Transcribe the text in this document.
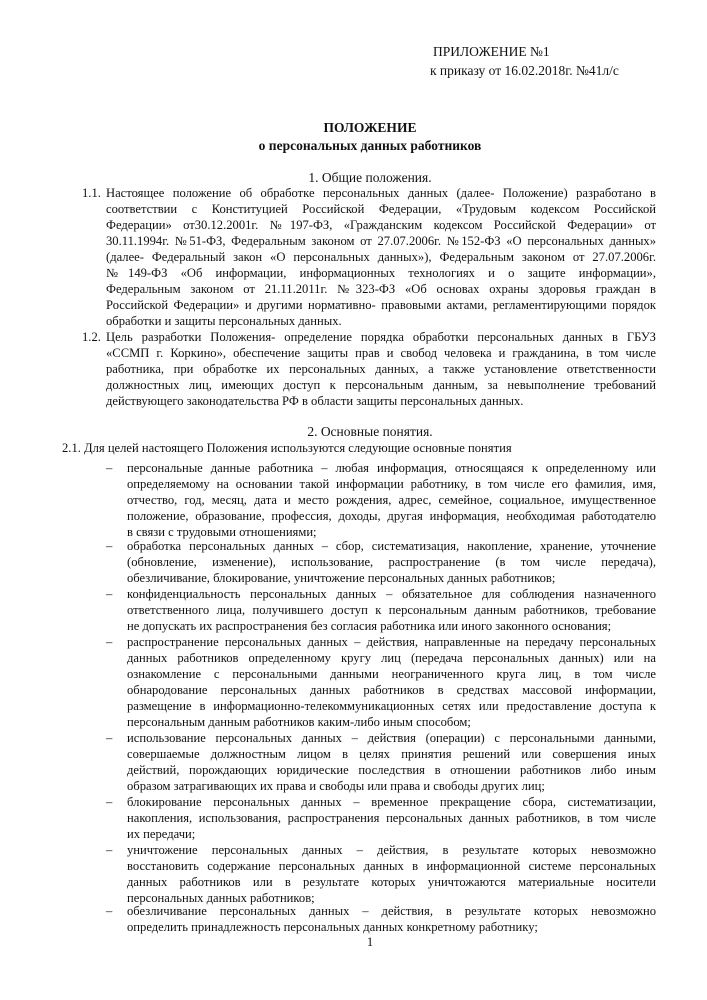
ПРИЛОЖЕНИЕ №1
к приказу от 16.02.2018г. №41л/с
ПОЛОЖЕНИЕ
о персональных данных работников
1. Общие положения.
1.1. Настоящее положение об обработке персональных данных (далее- Положение) разработано в
соответствии с Конституцией Российской Федерации, «Трудовым кодексом Российской
Федерации» от30.12.2001г. №197-ФЗ, «Гражданским кодексом Российской Федерации» от
30.11.1994г. №51-ФЗ, Федеральным законом от 27.07.2006г. №152-ФЗ «О персональных данных»
(далее- Федеральный закон «О персональных данных»), Федеральным законом от 27.07.2006г.
№149-ФЗ «Об информации, информационных технологиях и о защите информации»,
Федеральным законом от 21.11.2011г. №323-ФЗ «Об основах охраны здоровья граждан в
Российской Федерации» и другими нормативно- правовыми актами, регламентирующими порядок
обработки и защиты персональных данных.
1.2. Цель разработки Положения- определение порядка обработки персональных данных в ГБУЗ
«ССМП г. Коркино», обеспечение защиты прав и свобод человека и гражданина, в том числе
работника, при обработке их персональных данных, а также установление ответственности
должностных лиц, имеющих доступ к персональным данным, за невыполнение требований
действующего законодательства РФ в области защиты персональных данных.
2. Основные понятия.
2.1. Для целей настоящего Положения используются следующие основные понятия
– персональные данные работника – любая информация, относящаяся к определенному или
определяемому на основании такой информации работнику, в том числе его фамилия, имя,
отчество, год, месяц, дата и место рождения, адрес, семейное, социальное, имущественное
положение, образование, профессия, доходы, другая информация, необходимая работодателю
в связи с трудовыми отношениями;
– обработка персональных данных – сбор, систематизация, накопление, хранение, уточнение
(обновление, изменение), использование, распространение (в том числе передача),
обезличивание, блокирование, уничтожение персональных данных работников;
– конфиденциальность персональных данных – обязательное для соблюдения назначенного
ответственного лица, получившего доступ к персональным данным работников, требование
не допускать их распространения без согласия работника или иного законного основания;
– распространение персональных данных – действия, направленные на передачу персональных
данных работников определенному кругу лиц (передача персональных данных) или на
ознакомление с персональными данными неограниченного круга лиц, в том числе
обнародование персональных данных работников в средствах массовой информации,
размещение в информационно-телекоммуникационных сетях или предоставление доступа к
персональным данным работников каким-либо иным способом;
– использование персональных данных – действия (операции) с персональными данными,
совершаемые должностным лицом в целях принятия решений или совершения иных
действий, порождающих юридические последствия в отношении работников либо иным
образом затрагивающих их права и свободы или права и свободы других лиц;
– блокирование персональных данных – временное прекращение сбора, систематизации,
накопления, использования, распространения персональных данных работников, в том числе
их передачи;
– уничтожение персональных данных – действия, в результате которых невозможно
восстановить содержание персональных данных в информационной системе персональных
данных работников или в результате которых уничтожаются материальные носители
персональных данных работников;
– обезличивание персональных данных – действия, в результате которых невозможно
определить принадлежность персональных данных конкретному работнику;
1
